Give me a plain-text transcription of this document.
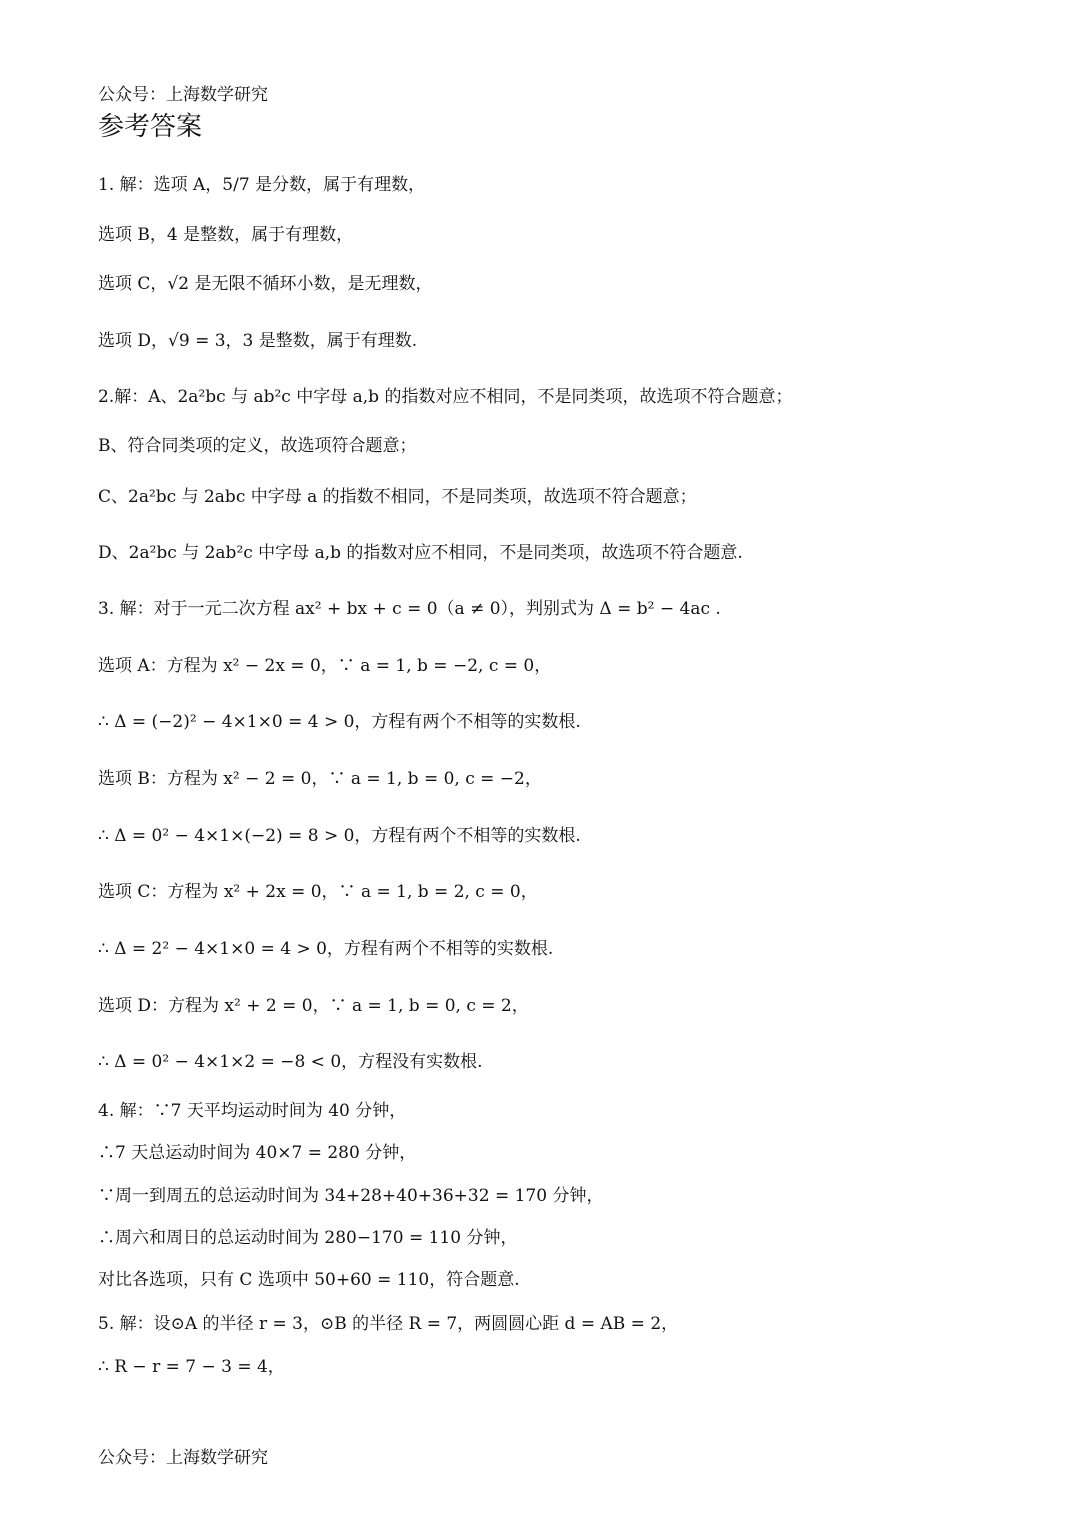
公众号：上海数学研究
参考答案
1. 解：选项 A，5/7 是分数，属于有理数，
选项 B，4 是整数，属于有理数，
选项 C，√2 是无限不循环小数，是无理数，
选项 D，√9 = 3，3 是整数，属于有理数.
2.解：A、2a²bc 与 ab²c 中字母 a,b 的指数对应不相同，不是同类项，故选项不符合题意；
B、符合同类项的定义，故选项符合题意；
C、2a²bc 与 2abc 中字母 a 的指数不相同，不是同类项，故选项不符合题意；
D、2a²bc 与 2ab²c 中字母 a,b 的指数对应不相同，不是同类项，故选项不符合题意.
3. 解：对于一元二次方程 ax² + bx + c = 0（a ≠ 0），判别式为 Δ = b² − 4ac .
选项 A：方程为 x² − 2x = 0，∵ a = 1, b = −2, c = 0，
∴ Δ = (−2)² − 4×1×0 = 4 > 0，方程有两个不相等的实数根.
选项 B：方程为 x² − 2 = 0，∵ a = 1, b = 0, c = −2，
∴ Δ = 0² − 4×1×(−2) = 8 > 0，方程有两个不相等的实数根.
选项 C：方程为 x² + 2x = 0，∵ a = 1, b = 2, c = 0，
∴ Δ = 2² − 4×1×0 = 4 > 0，方程有两个不相等的实数根.
选项 D：方程为 x² + 2 = 0，∵ a = 1, b = 0, c = 2，
∴ Δ = 0² − 4×1×2 = −8 < 0，方程没有实数根.
4. 解：∵7 天平均运动时间为 40 分钟，
∴7 天总运动时间为 40×7 = 280 分钟，
∵周一到周五的总运动时间为 34+28+40+36+32 = 170 分钟，
∴周六和周日的总运动时间为 280−170 = 110 分钟，
对比各选项，只有 C 选项中 50+60 = 110，符合题意.
5. 解：设⊙A 的半径 r = 3，⊙B 的半径 R = 7，两圆圆心距 d = AB = 2，
∴ R − r = 7 − 3 = 4，
公众号：上海数学研究
